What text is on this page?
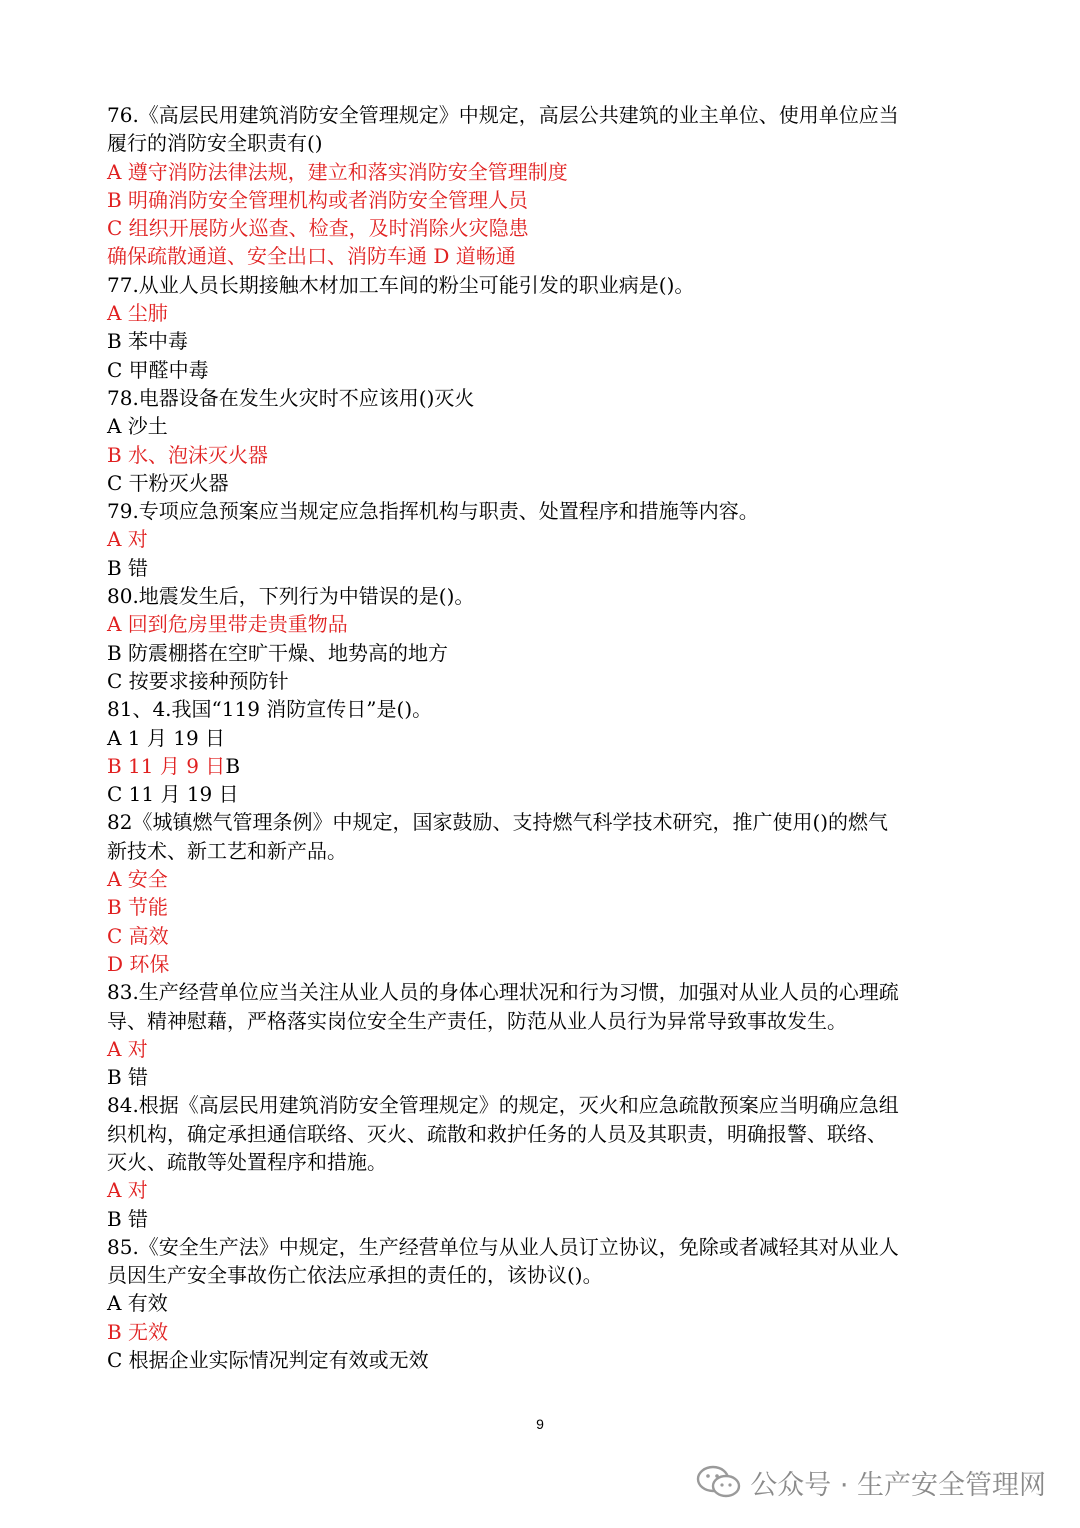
76.《高层民用建筑消防安全管理规定》中规定，高层公共建筑的业主单位、使用单位应当
履行的消防安全职责有()
A 遵守消防法律法规，建立和落实消防安全管理制度
B 明确消防安全管理机构或者消防安全管理人员
C 组织开展防火巡查、检查，及时消除火灾隐患
确保疏散通道、安全出口、消防车通 D 道畅通
77.从业人员长期接触木材加工车间的粉尘可能引发的职业病是()。
A 尘肺
B 苯中毒
C 甲醛中毒
78.电器设备在发生火灾时不应该用()灭火
A 沙土
B 水、泡沫灭火器
C 干粉灭火器
79.专项应急预案应当规定应急指挥机构与职责、处置程序和措施等内容。
A 对
B 错
80.地震发生后，下列行为中错误的是()。
A 回到危房里带走贵重物品
B 防震棚搭在空旷干燥、地势高的地方
C 按要求接种预防针
81、4.我国“119 消防宣传日”是()。
A 1 月 19 日
B 11 月 9 日B
C 11 月 19 日
82《城镇燃气管理条例》中规定，国家鼓励、支持燃气科学技术研究，推广使用()的燃气
新技术、新工艺和新产品。
A 安全
B 节能
C 高效
D 环保
83.生产经营单位应当关注从业人员的身体心理状况和行为习惯，加强对从业人员的心理疏
导、精神慰藉，严格落实岗位安全生产责任，防范从业人员行为异常导致事故发生。
A 对
B 错
84.根据《高层民用建筑消防安全管理规定》的规定，灭火和应急疏散预案应当明确应急组
织机构，确定承担通信联络、灭火、疏散和救护任务的人员及其职责，明确报警、联络、
灭火、疏散等处置程序和措施。
A 对
B 错
85.《安全生产法》中规定，生产经营单位与从业人员订立协议，免除或者减轻其对从业人
员因生产安全事故伤亡依法应承担的责任的，该协议()。
A 有效
B 无效
C 根据企业实际情况判定有效或无效
9
公众号 · 生产安全管理网
